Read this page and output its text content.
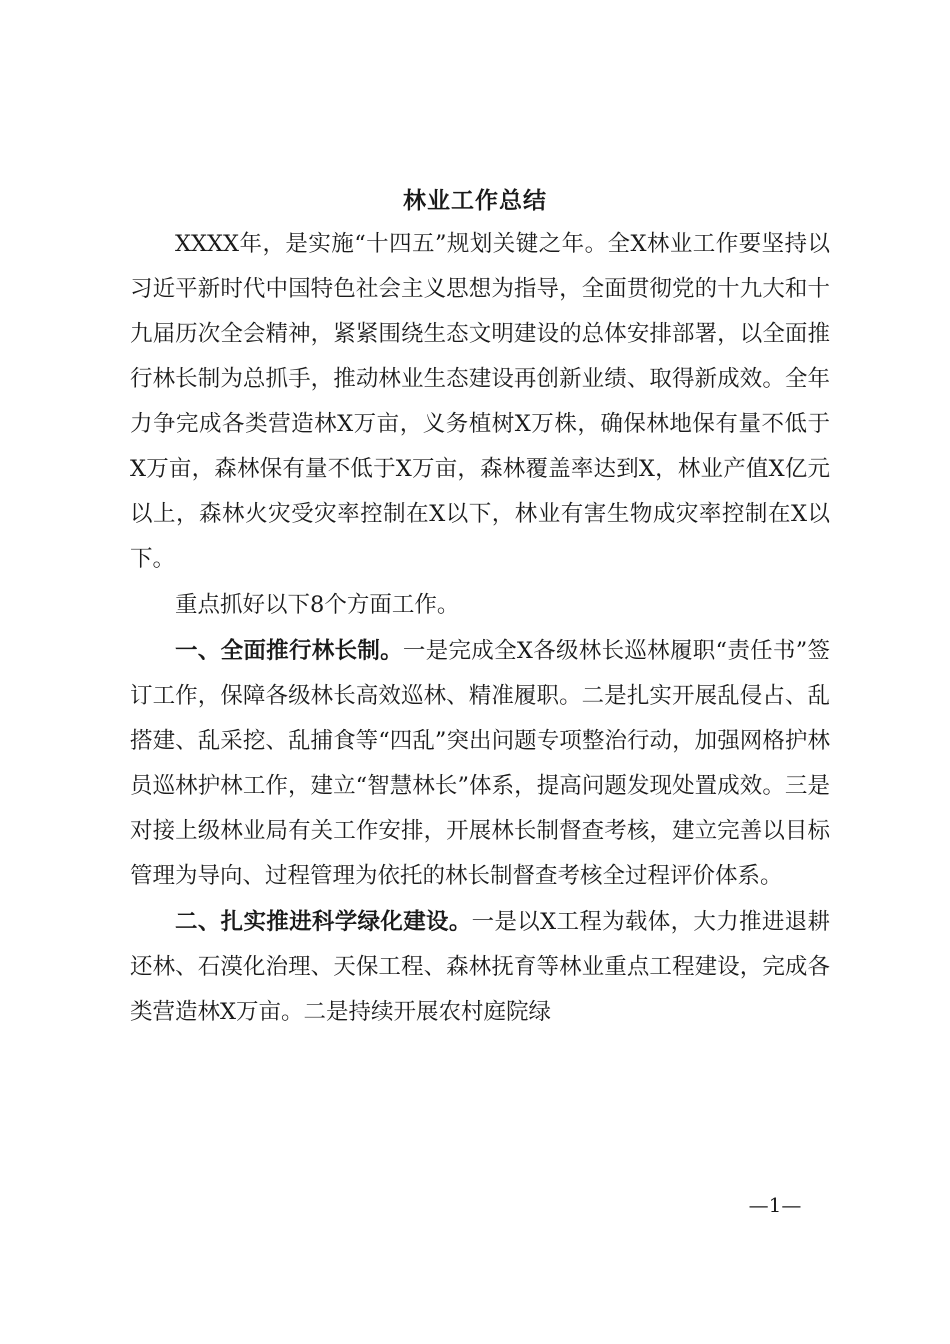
林业工作总结

XXXX年，是实施“十四五”规划关键之年。全X林业工作要坚持以习近平新时代中国特色社会主义思想为指导，全面贯彻党的十九大和十九届历次全会精神，紧紧围绕生态文明建设的总体安排部署，以全面推行林长制为总抓手，推动林业生态建设再创新业绩、取得新成效。全年力争完成各类营造林X万亩，义务植树X万株，确保林地保有量不低于X万亩，森林保有量不低于X万亩，森林覆盖率达到X，林业产值X亿元以上，森林火灾受灾率控制在X以下，林业有害生物成灾率控制在X以下。

重点抓好以下8个方面工作。

一、全面推行林长制。一是完成全X各级林长巡林履职“责任书”签订工作，保障各级林长高效巡林、精准履职。二是扎实开展乱侵占、乱搭建、乱采挖、乱捕食等“四乱”突出问题专项整治行动，加强网格护林员巡林护林工作，建立“智慧林长”体系，提高问题发现处置成效。三是对接上级林业局有关工作安排，开展林长制督查考核，建立完善以目标管理为导向、过程管理为依托的林长制督查考核全过程评价体系。

二、扎实推进科学绿化建设。一是以X工程为载体，大力推进退耕还林、石漠化治理、天保工程、森林抚育等林业重点工程建设，完成各类营造林X万亩。二是持续开展农村庭院绿

—1—
